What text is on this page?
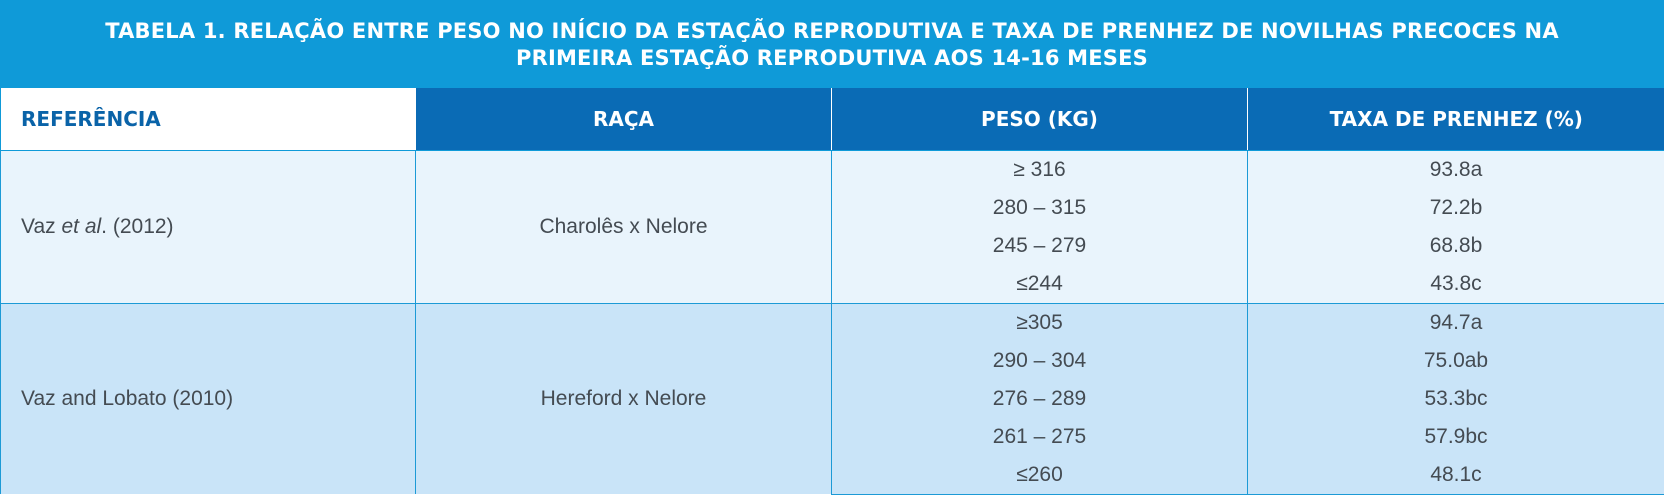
TABELA 1. RELAÇÃO ENTRE PESO NO INÍCIO DA ESTAÇÃO REPRODUTIVA E TAXA DE PRENHEZ DE NOVILHAS PRECOCES NA
PRIMEIRA ESTAÇÃO REPRODUTIVA AOS 14-16 MESES
REFERÊNCIA	RAÇA	PESO (KG)	TAXA DE PRENHEZ (%)
Vaz et al. (2012)	Charolês x Nelore	≥ 316	93.8a
		280 – 315	72.2b
		245 – 279	68.8b
		≤244	43.8c
Vaz and Lobato (2010)	Hereford x Nelore	≥305	94.7a
		290 – 304	75.0ab
		276 – 289	53.3bc
		261 – 275	57.9bc
		≤260	48.1c
